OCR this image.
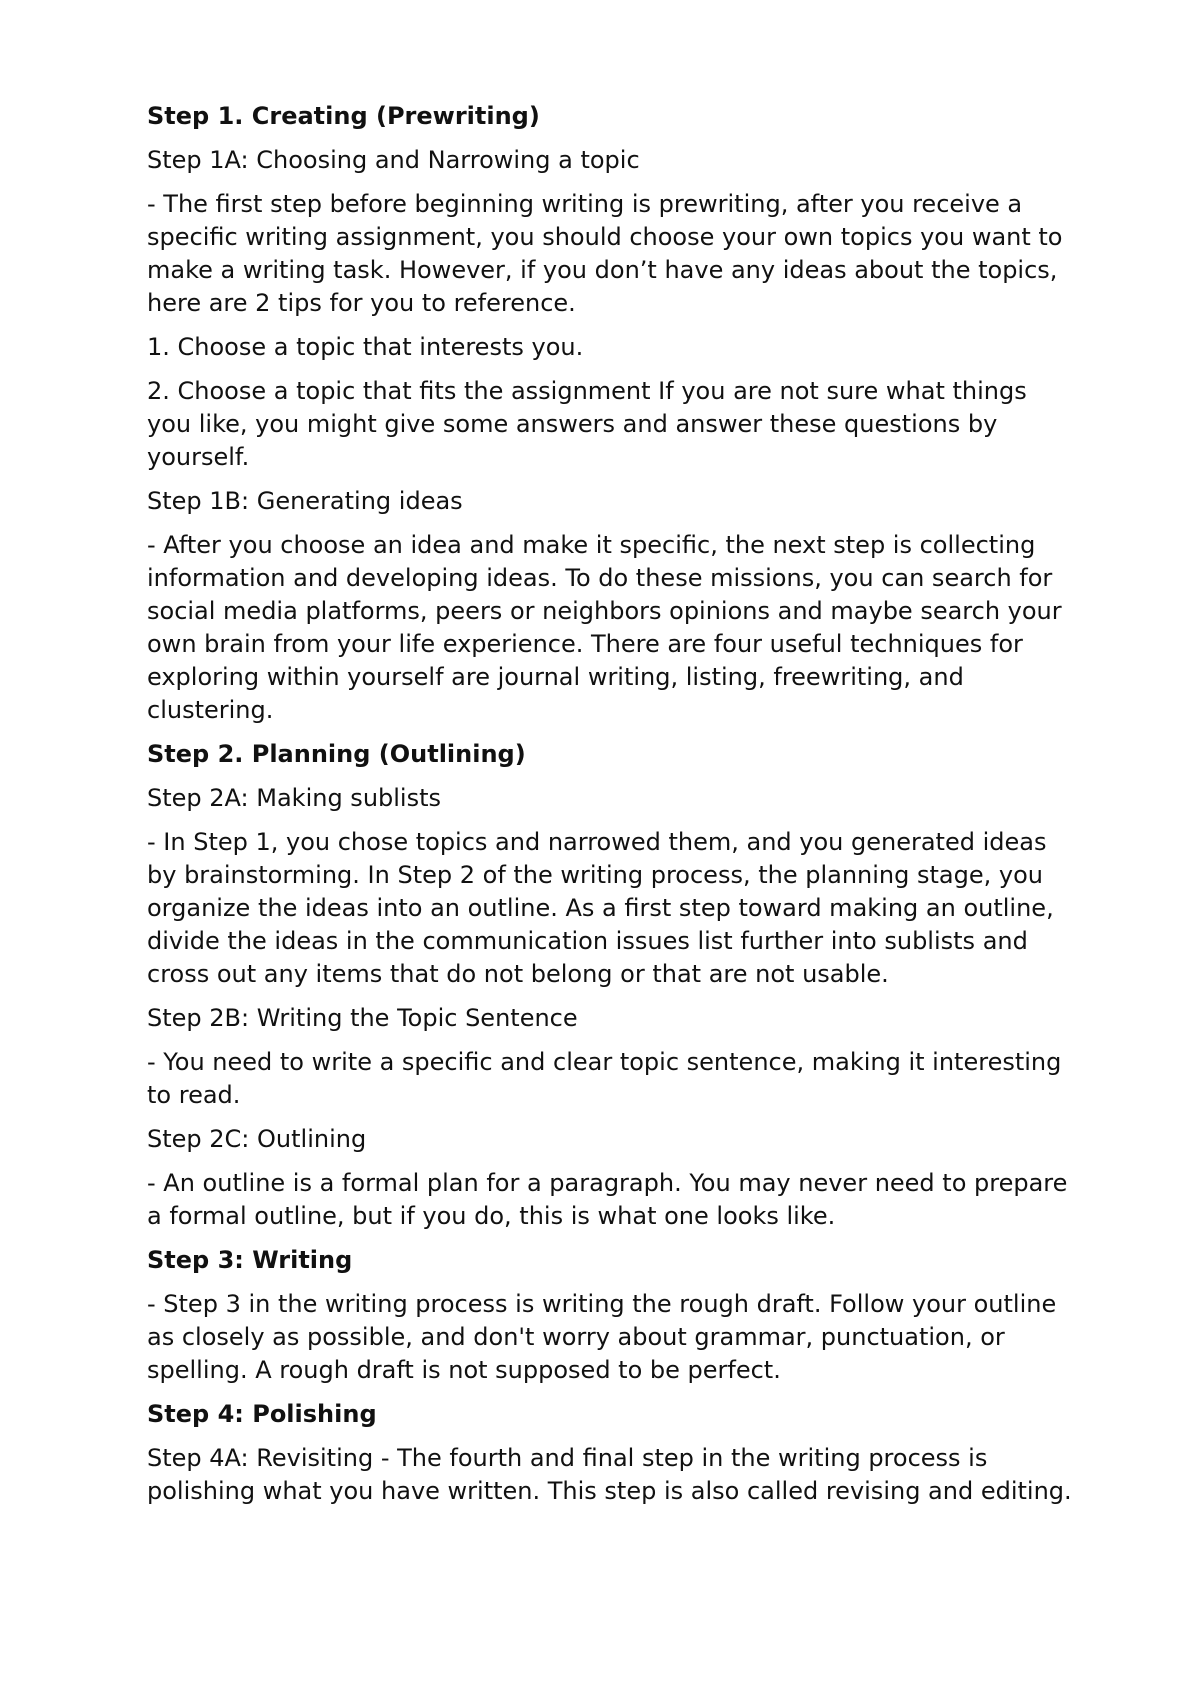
Step 1. Creating (Prewriting)

Step 1A: Choosing and Narrowing a topic

- The first step before beginning writing is prewriting, after you receive a specific writing assignment, you should choose your own topics you want to make a writing task. However, if you don’t have any ideas about the topics, here are 2 tips for you to reference.

1. Choose a topic that interests you.

2. Choose a topic that fits the assignment If you are not sure what things you like, you might give some answers and answer these questions by yourself.

Step 1B: Generating ideas

- After you choose an idea and make it specific, the next step is collecting information and developing ideas. To do these missions, you can search for social media platforms, peers or neighbors opinions and maybe search your own brain from your life experience. There are four useful techniques for exploring within yourself are journal writing, listing, freewriting, and clustering.

Step 2. Planning (Outlining)

Step 2A: Making sublists

- In Step 1, you chose topics and narrowed them, and you generated ideas by brainstorming. In Step 2 of the writing process, the planning stage, you organize the ideas into an outline. As a first step toward making an outline, divide the ideas in the communication issues list further into sublists and cross out any items that do not belong or that are not usable.

Step 2B: Writing the Topic Sentence

- You need to write a specific and clear topic sentence, making it interesting to read.

Step 2C: Outlining

- An outline is a formal plan for a paragraph. You may never need to prepare a formal outline, but if you do, this is what one looks like.

Step 3: Writing

- Step 3 in the writing process is writing the rough draft. Follow your outline as closely as possible, and don't worry about grammar, punctuation, or spelling. A rough draft is not supposed to be perfect.

Step 4: Polishing

Step 4A: Revisiting - The fourth and final step in the writing process is polishing what you have written. This step is also called revising and editing.
